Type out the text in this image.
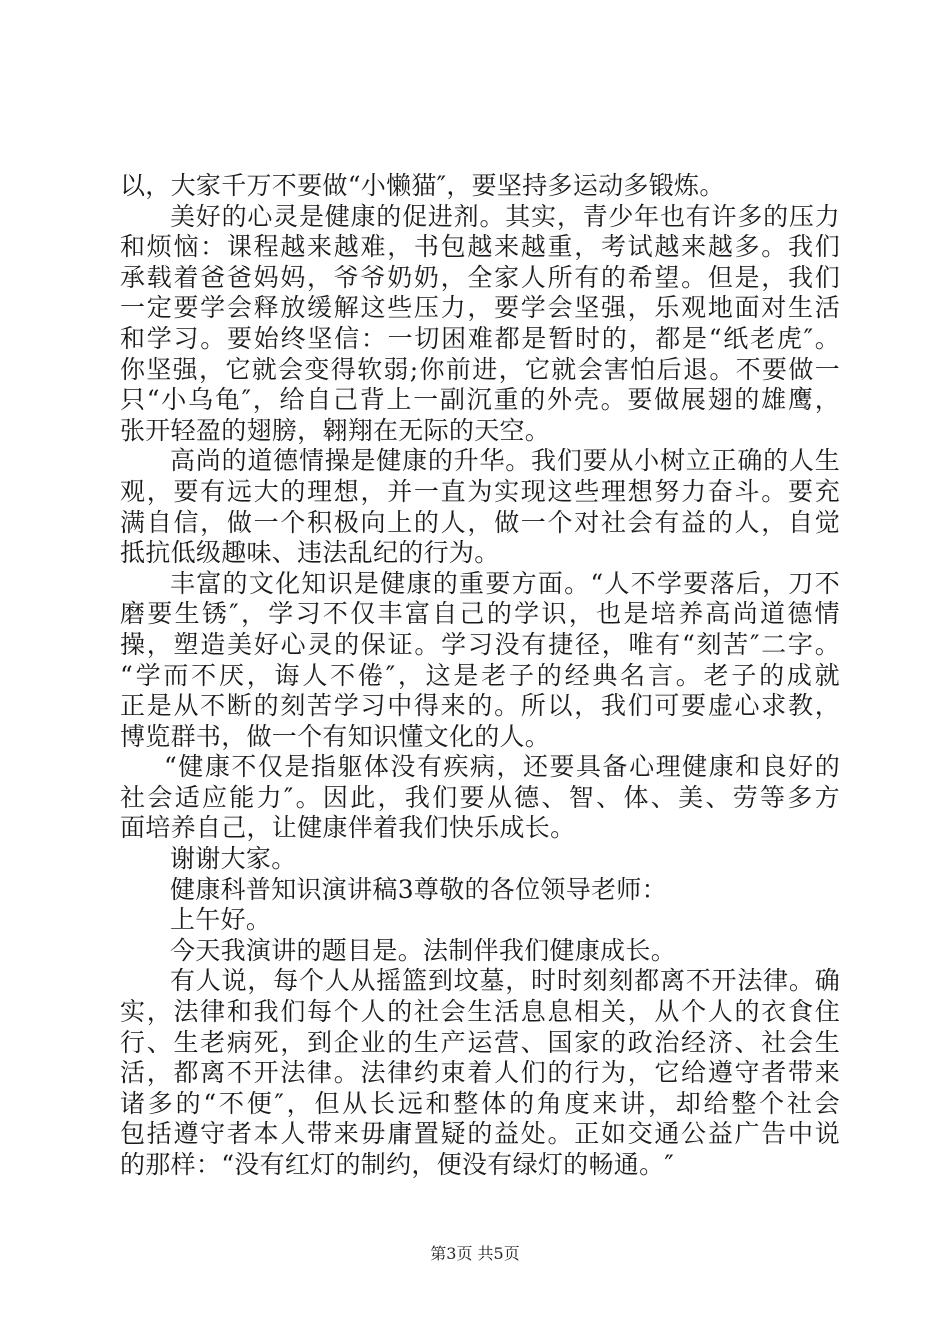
以，大家千万不要做“小懒猫″，要坚持多运动多锻炼。
美好的心灵是健康的促进剂。其实，青少年也有许多的压力
和烦恼：课程越来越难，书包越来越重，考试越来越多。我们
承载着爸爸妈妈，爷爷奶奶，全家人所有的希望。但是，我们
一定要学会释放缓解这些压力，要学会坚强，乐观地面对生活
和学习。要始终坚信：一切困难都是暂时的，都是“纸老虎″。
你坚强，它就会变得软弱;你前进，它就会害怕后退。不要做一
只“小乌龟″，给自己背上一副沉重的外壳。要做展翅的雄鹰，
张开轻盈的翅膀，翱翔在无际的天空。
高尚的道德情操是健康的升华。我们要从小树立正确的人生
观，要有远大的理想，并一直为实现这些理想努力奋斗。要充
满自信，做一个积极向上的人，做一个对社会有益的人，自觉
抵抗低级趣味、违法乱纪的行为。
丰富的文化知识是健康的重要方面。“人不学要落后，刀不
磨要生锈″，学习不仅丰富自己的学识，也是培养高尚道德情
操，塑造美好心灵的保证。学习没有捷径，唯有“刻苦″二字。
“学而不厌，诲人不倦″，这是老子的经典名言。老子的成就
正是从不断的刻苦学习中得来的。所以，我们可要虚心求教，
博览群书，做一个有知识懂文化的人。
“健康不仅是指躯体没有疾病，还要具备心理健康和良好的
社会适应能力″。因此，我们要从德、智、体、美、劳等多方
面培养自己，让健康伴着我们快乐成长。
谢谢大家。
健康科普知识演讲稿3尊敬的各位领导老师：
上午好。
今天我演讲的题目是。法制伴我们健康成长。
有人说，每个人从摇篮到坟墓，时时刻刻都离不开法律。确
实，法律和我们每个人的社会生活息息相关，从个人的衣食住
行、生老病死，到企业的生产运营、国家的政治经济、社会生
活，都离不开法律。法律约束着人们的行为，它给遵守者带来
诸多的“不便″，但从长远和整体的角度来讲，却给整个社会
包括遵守者本人带来毋庸置疑的益处。正如交通公益广告中说
的那样：“没有红灯的制约，便没有绿灯的畅通。″
第3页 共5页
